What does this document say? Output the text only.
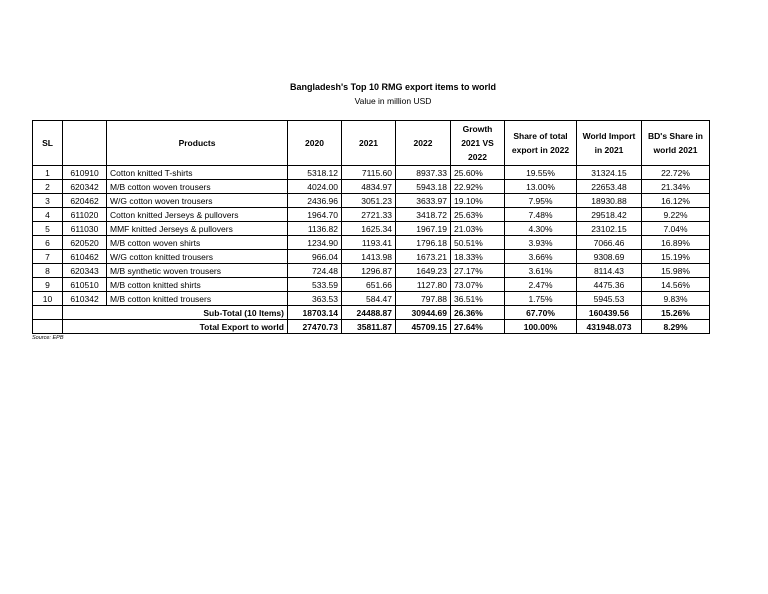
Bangladesh's Top 10 RMG export items to world
Value in million USD
SL		Products	2020	2021	2022	Growth 2021 VS 2022	Share of total export in 2022	World Import in 2021	BD's Share in world 2021
1	610910	Cotton knitted T-shirts	5318.12	7115.60	8937.33	25.60%	19.55%	31324.15	22.72%
2	620342	M/B cotton woven trousers	4024.00	4834.97	5943.18	22.92%	13.00%	22653.48	21.34%
3	620462	W/G cotton woven trousers	2436.96	3051.23	3633.97	19.10%	7.95%	18930.88	16.12%
4	611020	Cotton knitted Jerseys & pullovers	1964.70	2721.33	3418.72	25.63%	7.48%	29518.42	9.22%
5	611030	MMF knitted Jerseys & pullovers	1136.82	1625.34	1967.19	21.03%	4.30%	23102.15	7.04%
6	620520	M/B cotton woven shirts	1234.90	1193.41	1796.18	50.51%	3.93%	7066.46	16.89%
7	610462	W/G cotton knitted trousers	966.04	1413.98	1673.21	18.33%	3.66%	9308.69	15.19%
8	620343	M/B synthetic woven trousers	724.48	1296.87	1649.23	27.17%	3.61%	8114.43	15.98%
9	610510	M/B cotton knitted shirts	533.59	651.66	1127.80	73.07%	2.47%	4475.36	14.56%
10	610342	M/B cotton knitted trousers	363.53	584.47	797.88	36.51%	1.75%	5945.53	9.83%
		Sub-Total (10 Items)	18703.14	24488.87	30944.69	26.36%	67.70%	160439.56	15.26%
		Total Export to world	27470.73	35811.87	45709.15	27.64%	100.00%	431948.073	8.29%
Source: EPB
